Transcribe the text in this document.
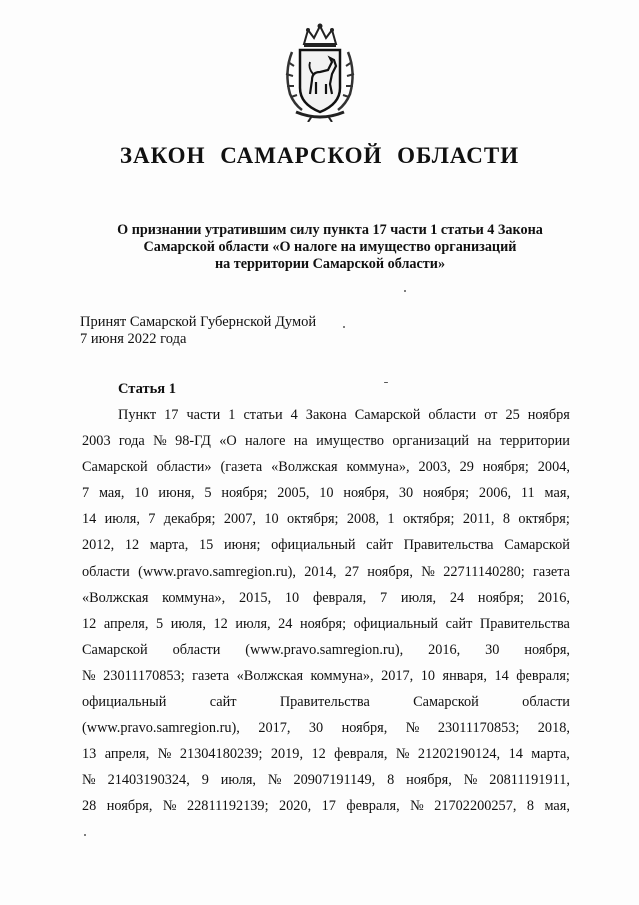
ЗАКОН САМАРСКОЙ ОБЛАСТИ
О признании утратившим силу пункта 17 части 1 статьи 4 Закона
Самарской области «О налоге на имущество организаций
на территории Самарской области»
Принят Самарской Губернской Думой
7 июня 2022 года
Статья 1
Пункт 17 части 1 статьи 4 Закона Самарской области от 25 ноября
2003 года № 98-ГД «О налоге на имущество организаций на территории
Самарской области» (газета «Волжская коммуна», 2003, 29 ноября; 2004,
7 мая, 10 июня, 5 ноября; 2005, 10 ноября, 30 ноября; 2006, 11 мая,
14 июля, 7 декабря; 2007, 10 октября; 2008, 1 октября; 2011, 8 октября;
2012, 12 марта, 15 июня; официальный сайт Правительства Самарской
области (www.pravo.samregion.ru), 2014, 27 ноября, № 22711140280; газета
«Волжская коммуна», 2015, 10 февраля, 7 июля, 24 ноября; 2016,
12 апреля, 5 июля, 12 июля, 24 ноября; официальный сайт Правительства
Самарской области (www.pravo.samregion.ru), 2016, 30 ноября,
№ 23011170853; газета «Волжская коммуна», 2017, 10 января, 14 февраля;
официальный	сайт	Правительства	Самарской	области
(www.pravo.samregion.ru), 2017, 30 ноября, № 23011170853; 2018,
13 апреля, № 21304180239; 2019, 12 февраля, № 21202190124, 14 марта,
№ 21403190324, 9 июля, № 20907191149, 8 ноября, № 20811191911,
28 ноября, № 22811192139; 2020, 17 февраля, № 21702200257, 8 мая,
